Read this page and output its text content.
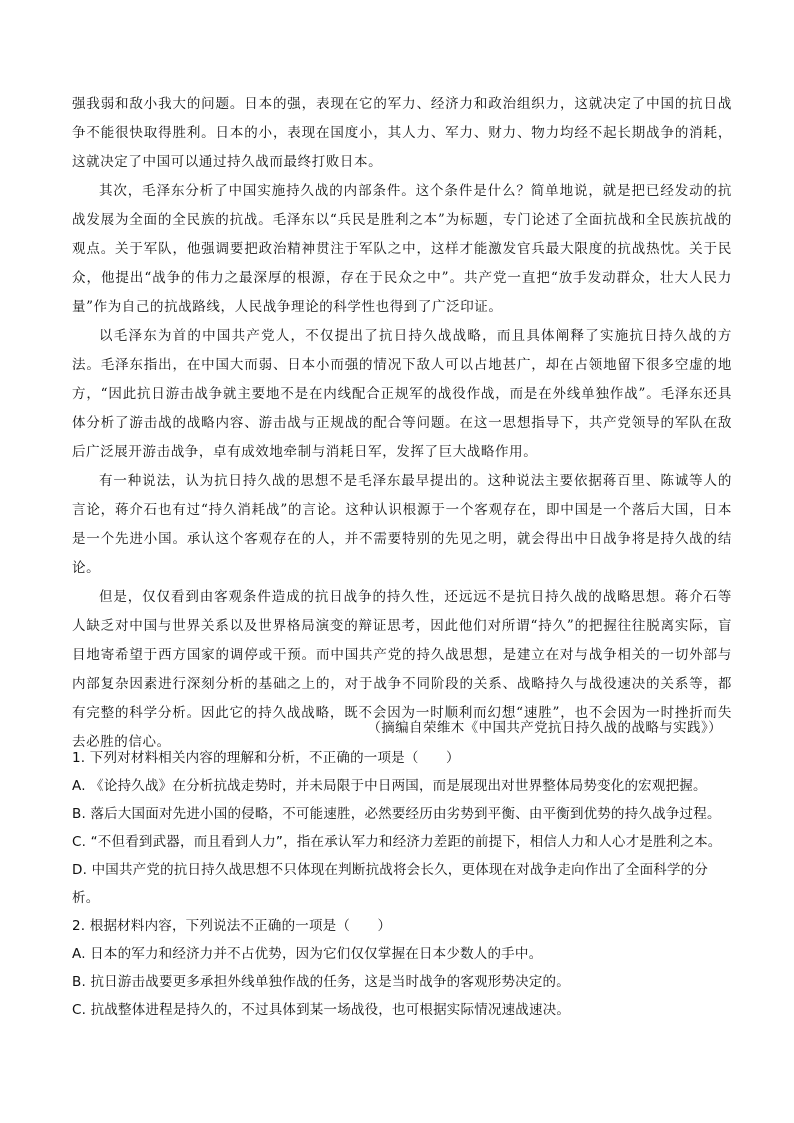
强我弱和敌小我大的问题。日本的强，表现在它的军力、经济力和政治组织力，这就决定了中国的抗日战争不能很快取得胜利。日本的小，表现在国度小，其人力、军力、财力、物力均经不起长期战争的消耗，这就决定了中国可以通过持久战而最终打败日本。

其次，毛泽东分析了中国实施持久战的内部条件。这个条件是什么？简单地说，就是把已经发动的抗战发展为全面的全民族的抗战。毛泽东以“兵民是胜利之本”为标题，专门论述了全面抗战和全民族抗战的观点。关于军队，他强调要把政治精神贯注于军队之中，这样才能激发官兵最大限度的抗战热忱。关于民众，他提出“战争的伟力之最深厚的根源，存在于民众之中”。共产党一直把“放手发动群众，壮大人民力量”作为自己的抗战路线，人民战争理论的科学性也得到了广泛印证。

以毛泽东为首的中国共产党人，不仅提出了抗日持久战战略，而且具体阐释了实施抗日持久战的方法。毛泽东指出，在中国大而弱、日本小而强的情况下敌人可以占地甚广，却在占领地留下很多空虚的地方，“因此抗日游击战争就主要地不是在内线配合正规军的战役作战，而是在外线单独作战”。毛泽东还具体分析了游击战的战略内容、游击战与正规战的配合等问题。在这一思想指导下，共产党领导的军队在敌后广泛展开游击战争，卓有成效地牵制与消耗日军，发挥了巨大战略作用。

有一种说法，认为抗日持久战的思想不是毛泽东最早提出的。这种说法主要依据蒋百里、陈诚等人的言论，蒋介石也有过“持久消耗战”的言论。这种认识根源于一个客观存在，即中国是一个落后大国，日本是一个先进小国。承认这个客观存在的人，并不需要特别的先见之明，就会得出中日战争将是持久战的结论。

但是，仅仅看到由客观条件造成的抗日战争的持久性，还远远不是抗日持久战的战略思想。蒋介石等人缺乏对中国与世界关系以及世界格局演变的辩证思考，因此他们对所谓“持久”的把握往往脱离实际，盲目地寄希望于西方国家的调停或干预。而中国共产党的持久战思想，是建立在对与战争相关的一切外部与内部复杂因素进行深刻分析的基础之上的，对于战争不同阶段的关系、战略持久与战役速决的关系等，都有完整的科学分析。因此它的持久战战略，既不会因为一时顺利而幻想“速胜”，也不会因为一时挫折而失去必胜的信心。

（摘编自荣维木《中国共产党抗日持久战的战略与实践》）

1. 下列对材料相关内容的理解和分析，不正确的一项是（　　）

A. 《论持久战》在分析抗战走势时，并未局限于中日两国，而是展现出对世界整体局势变化的宏观把握。

B. 落后大国面对先进小国的侵略，不可能速胜，必然要经历由劣势到平衡、由平衡到优势的持久战争过程。

C. “不但看到武器，而且看到人力”，指在承认军力和经济力差距的前提下，相信人力和人心才是胜利之本。

D. 中国共产党的抗日持久战思想不只体现在判断抗战将会长久，更体现在对战争走向作出了全面科学的分析。

2. 根据材料内容，下列说法不正确的一项是（　　）

A. 日本的军力和经济力并不占优势，因为它们仅仅掌握在日本少数人的手中。

B. 抗日游击战要更多承担外线单独作战的任务，这是当时战争的客观形势决定的。

C. 抗战整体进程是持久的，不过具体到某一场战役，也可根据实际情况速战速决。
